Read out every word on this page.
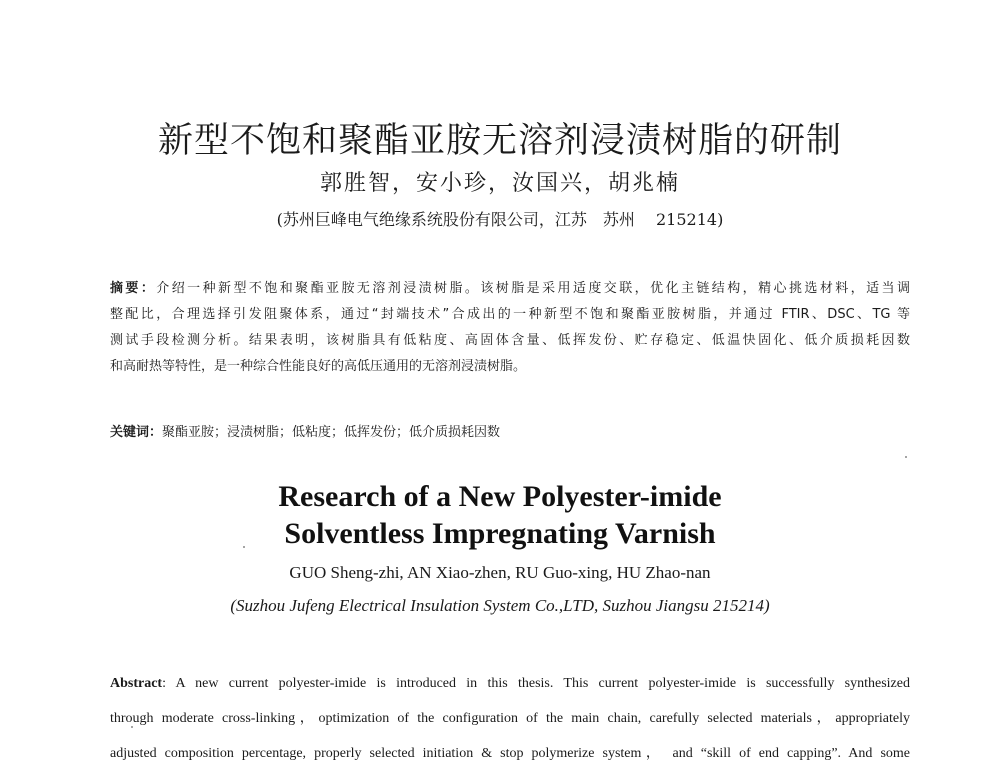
新型不饱和聚酯亚胺无溶剂浸渍树脂的研制
郭胜智，安小珍，汝国兴，胡兆楠
(苏州巨峰电气绝缘系统股份有限公司，江苏　苏州　 215214)
摘要：介绍一种新型不饱和聚酯亚胺无溶剂浸渍树脂。该树脂是采用适度交联，优化主链结构，精心挑选材料，适当调
整配比，合理选择引发阻聚体系，通过“封端技术”合成出的一种新型不饱和聚酯亚胺树脂，并通过 FTIR、DSC、TG 等
测试手段检测分析。结果表明，该树脂具有低粘度、高固体含量、低挥发份、贮存稳定、低温快固化、低介质损耗因数
和高耐热等特性，是一种综合性能良好的高低压通用的无溶剂浸渍树脂。
关键词：聚酯亚胺；浸渍树脂；低粘度；低挥发份；低介质损耗因数
Research of a New Polyester-imide
Solventless Impregnating Varnish
GUO Sheng-zhi, AN Xiao-zhen, RU Guo-xing, HU Zhao-nan
(Suzhou Jufeng Electrical Insulation System Co.,LTD, Suzhou Jiangsu 215214)
Abstract: A new current polyester-imide is introduced in this thesis. This current polyester-imide is successfully synthesized
through moderate cross-linking，optimization of the configuration of the main chain, carefully selected materials，appropriately
adjusted composition percentage, properly selected initiation & stop polymerize system， and “skill of end capping”. And some
